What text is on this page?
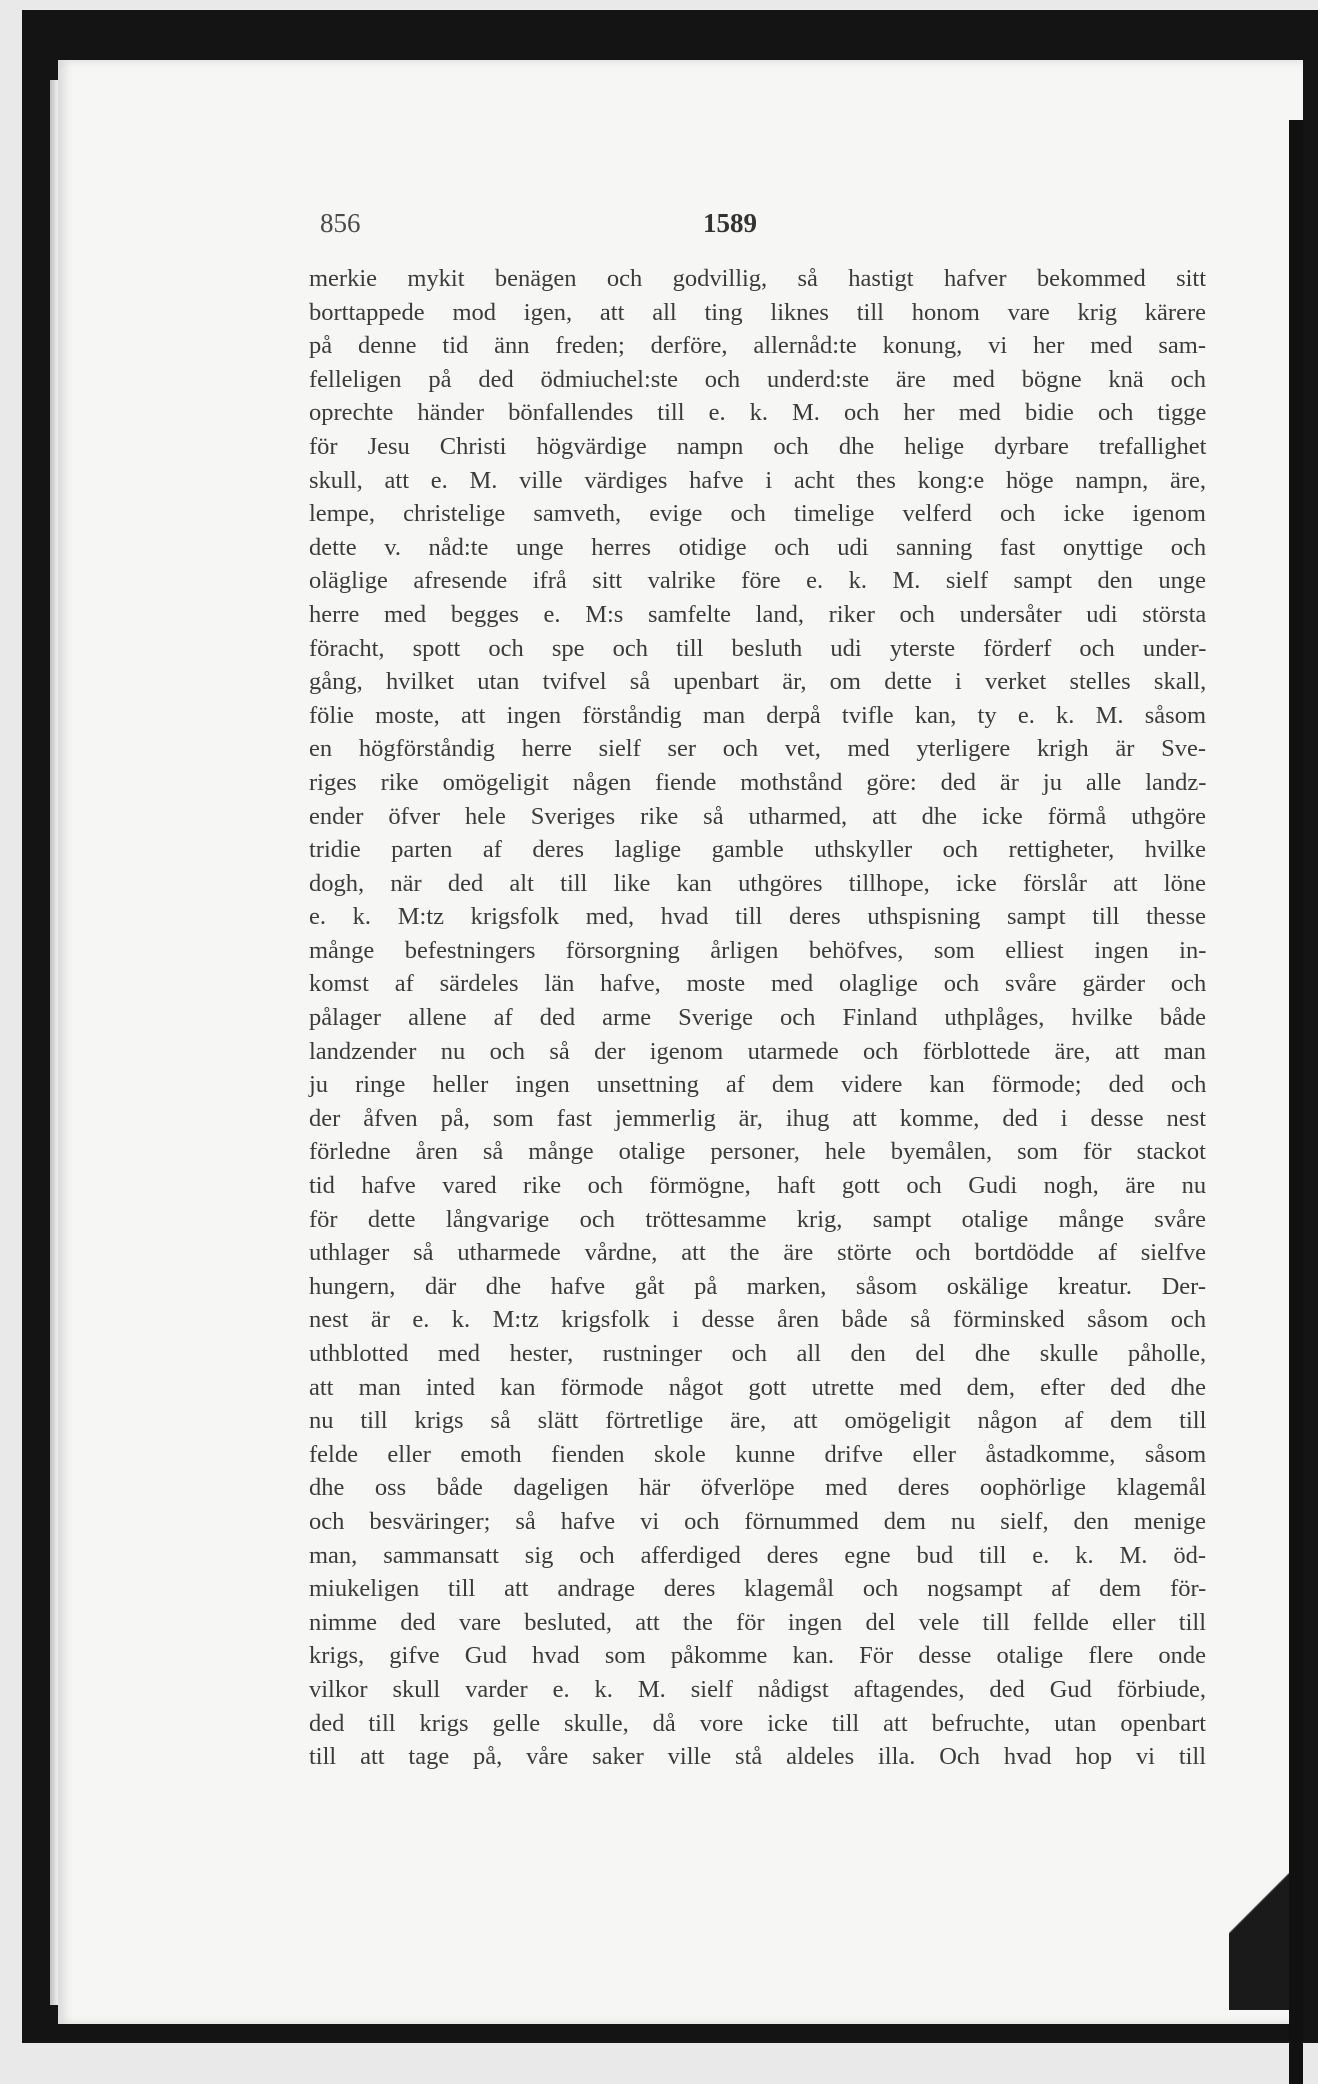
856	1589
merkie mykit benägen och godvillig, så hastigt hafver bekommed sitt
borttappede mod igen, att all ting liknes till honom vare krig kärere
på denne tid änn freden; derföre, allernåd:te konung, vi her med sam-
felleligen på ded ödmiuchel:ste och underd:ste äre med bögne knä och
oprechte händer bönfallendes till e. k. M. och her med bidie och tigge
för Jesu Christi högvärdige nampn och dhe helige dyrbare trefallighet
skull, att e. M. ville värdiges hafve i acht thes kong:e höge nampn, äre,
lempe, christelige samveth, evige och timelige velferd och icke igenom
dette v. nåd:te unge herres otidige och udi sanning fast onyttige och
oläglige afresende ifrå sitt valrike före e. k. M. sielf sampt den unge
herre med begges e. M:s samfelte land, riker och undersåter udi största
föracht, spott och spe och till besluth udi yterste förderf och under-
gång, hvilket utan tvifvel så upenbart är, om dette i verket stelles skall,
fölie moste, att ingen förståndig man derpå tvifle kan, ty e. k. M. såsom
en högförståndig herre sielf ser och vet, med yterligere krigh är Sve-
riges rike omögeligit någen fiende mothstånd göre: ded är ju alle landz-
ender öfver hele Sveriges rike så utharmed, att dhe icke förmå uthgöre
tridie parten af deres laglige gamble uthskyller och rettigheter, hvilke
dogh, när ded alt till like kan uthgöres tillhope, icke förslår att löne
e. k. M:tz krigsfolk med, hvad till deres uthspisning sampt till thesse
månge befestningers försorgning årligen behöfves, som elliest ingen in-
komst af särdeles län hafve, moste med olaglige och svåre gärder och
pålager allene af ded arme Sverige och Finland uthplåges, hvilke både
landzender nu och så der igenom utarmede och förblottede äre, att man
ju ringe heller ingen unsettning af dem videre kan förmode; ded och
der åfven på, som fast jemmerlig är, ihug att komme, ded i desse nest
förledne åren så månge otalige personer, hele byemålen, som för stackot
tid hafve vared rike och förmögne, haft gott och Gudi nogh, äre nu
för dette långvarige och tröttesamme krig, sampt otalige månge svåre
uthlager så utharmede vårdne, att the äre störte och bortdödde af sielfve
hungern, där dhe hafve gåt på marken, såsom oskälige kreatur. Der-
nest är e. k. M:tz krigsfolk i desse åren både så förminsked såsom och
uthblotted med hester, rustninger och all den del dhe skulle påholle,
att man inted kan förmode något gott utrette med dem, efter ded dhe
nu till krigs så slätt förtretlige äre, att omögeligit någon af dem till
felde eller emoth fienden skole kunne drifve eller åstadkomme, såsom
dhe oss både dageligen här öfverlöpe med deres oophörlige klagemål
och besväringer; så hafve vi och förnummed dem nu sielf, den menige
man, sammansatt sig och afferdiged deres egne bud till e. k. M. öd-
miukeligen till att andrage deres klagemål och nogsampt af dem för-
nimme ded vare besluted, att the för ingen del vele till fellde eller till
krigs, gifve Gud hvad som påkomme kan. För desse otalige flere onde
vilkor skull varder e. k. M. sielf nådigst aftagendes, ded Gud förbiude,
ded till krigs gelle skulle, då vore icke till att befruchte, utan openbart
till att tage på, våre saker ville stå aldeles illa. Och hvad hop vi till
